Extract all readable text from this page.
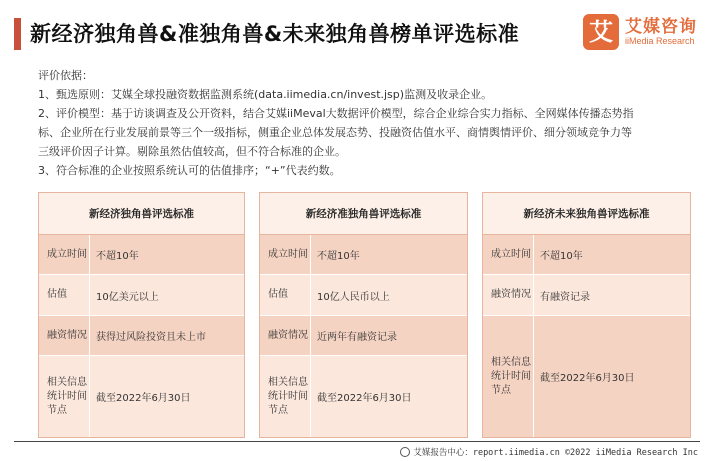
新经济独角兽&准独角兽&未来独角兽榜单评选标准	艾 艾媒咨询
iiMedia Research

评价依据：

1、甄选原则：艾媒全球投融资数据监测系统(data.iimedia.cn/invest.jsp)监测及收录企业。

2、评价模型：基于访谈调查及公开资料，结合艾媒iiMeval大数据评价模型，综合企业综合实力指标、全网媒体传播态势指

标、企业所在行业发展前景等三个一级指标，侧重企业总体发展态势、投融资估值水平、商情舆情评价、细分领域竞争力等

三级评价因子计算。剔除虽然估值较高，但不符合标准的企业。

3、符合标准的企业按照系统认可的估值排序；“+”代表约数。

新经济独角兽评选标准
成立时间 不超10年
估值	10亿美元以上
融资情况 获得过风险投资且未上市
相关信息统计时间节点
截至2022年6月30日
新经济准独角兽评选标准
成立时间 不超10年
估值	10亿人民币以上
融资情况 近两年有融资记录
相关信息统计时间节点
截至2022年6月30日
新经济未来独角兽评选标准
成立时间 不超10年
融资情况 有融资记录
相关信息统计时间节点
截至2022年6月30日
艾媒报告中心：report.iimedia.cn ©2022 iiMedia Research Inc
